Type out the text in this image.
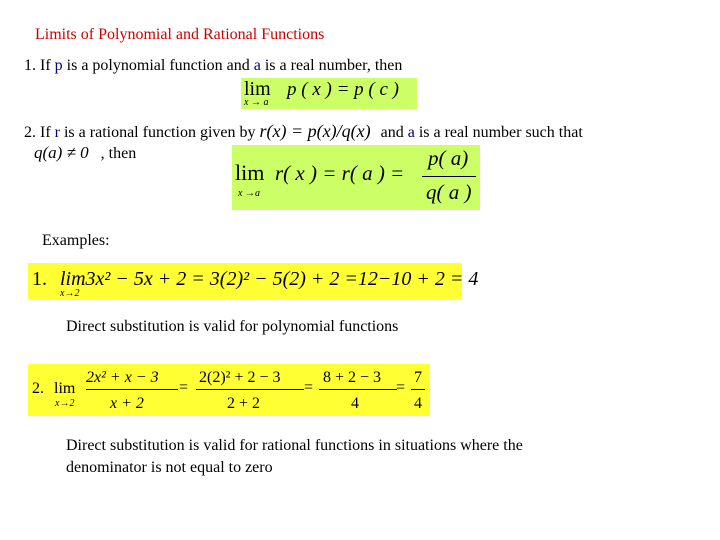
Limits of Polynomial and Rational Functions
1. If p is a polynomial function and a is a real number, then
lim p ( x ) = p ( c )
x → a
2. If r is a rational function given by r(x) = p(x)/q(x) and a is a real number such that
q(a) ≠ 0 , then
lim r( x ) = r( a ) =
p( a)
q( a )
x →a
Examples:
1. lim3x² − 5x + 2 = 3(2)² − 5(2) + 2 =12−10 + 2 = 4
x→2
Direct substitution is valid for polynomial functions
2. lim
x→2
2x² + x − 3
x + 2
=
2(2)² + 2 − 3
2 + 2
=
8 + 2 − 3
4
=
7
4
Direct substitution is valid for rational functions in situations where the
denominator is not equal to zero
